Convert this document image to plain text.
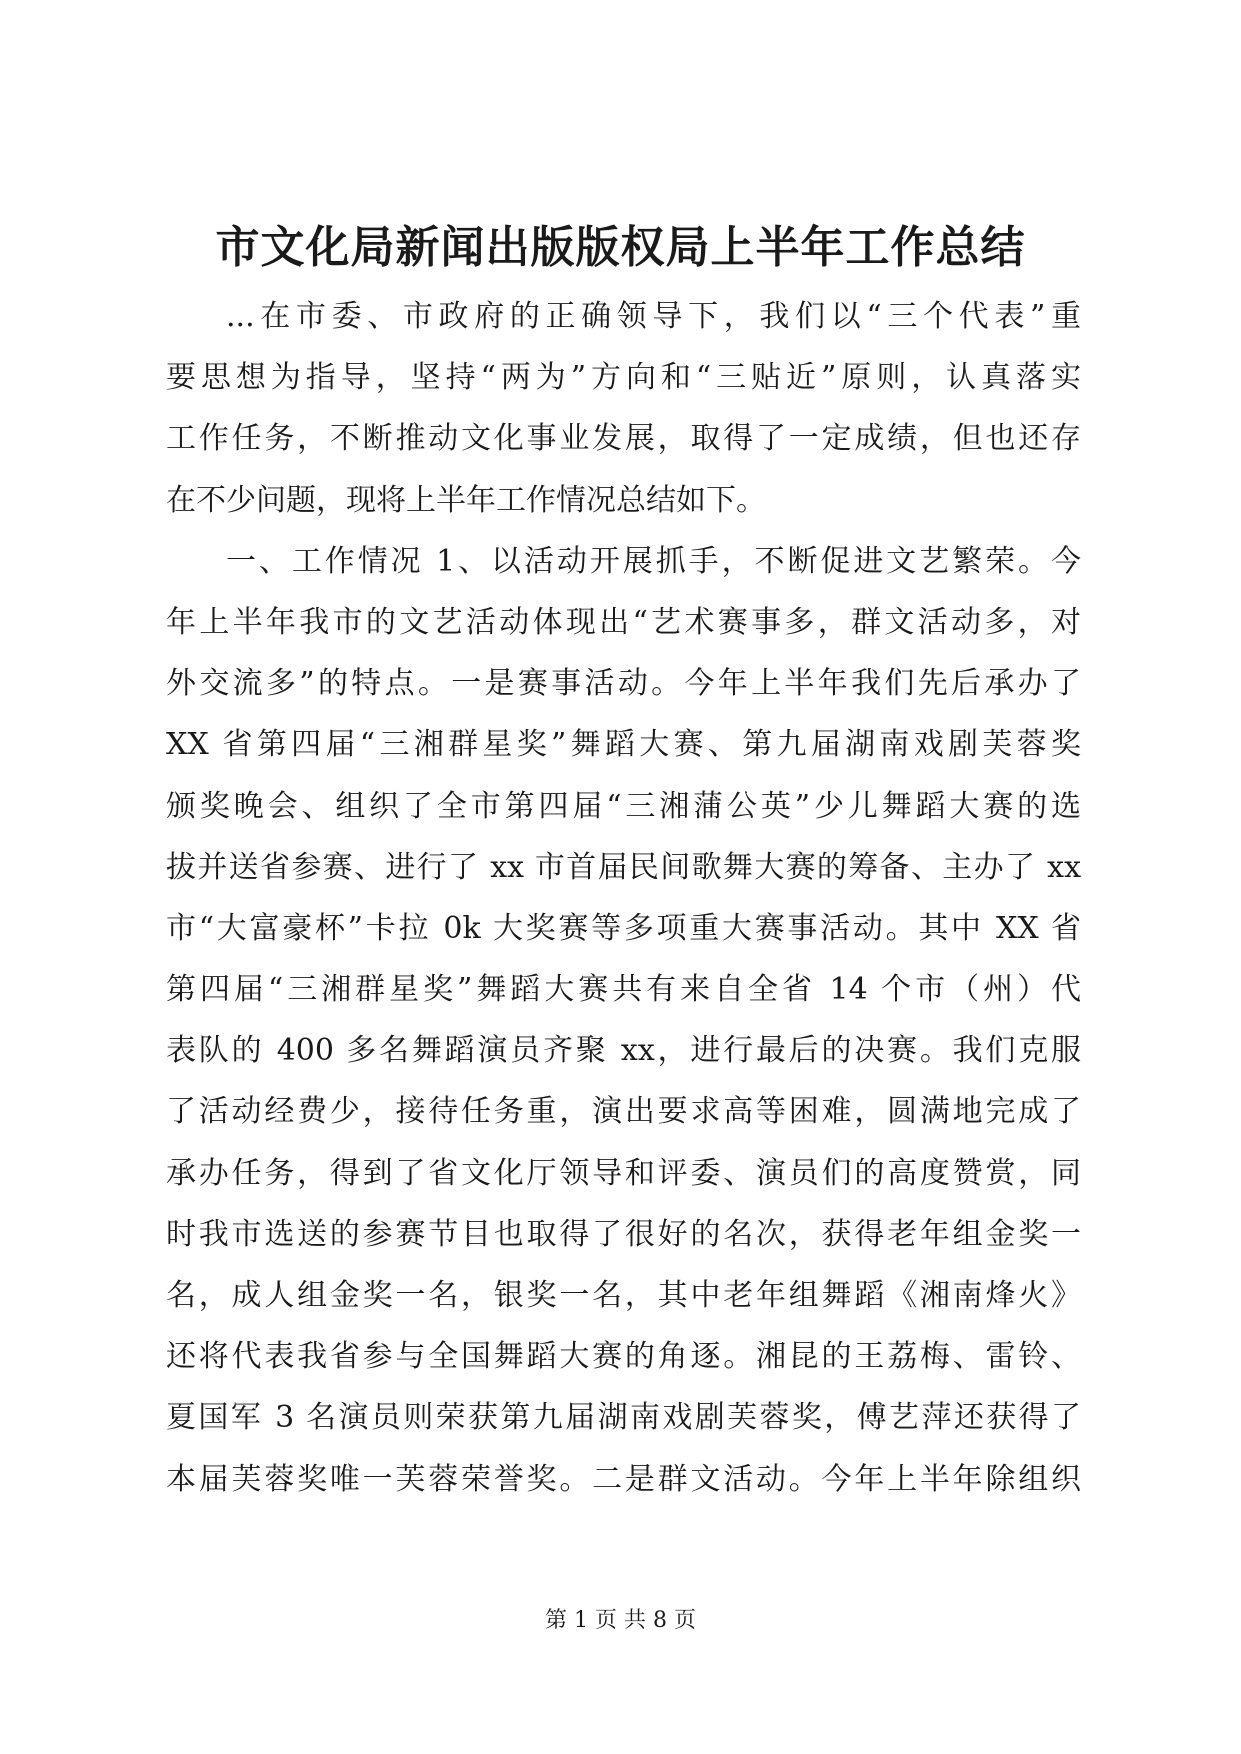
市文化局新闻出版版权局上半年工作总结
...在市委、市政府的正确领导下，我们以“三个代表”重
要思想为指导，坚持“两为”方向和“三贴近”原则，认真落实
工作任务，不断推动文化事业发展，取得了一定成绩，但也还存
在不少问题，现将上半年工作情况总结如下。
一、工作情况 1、以活动开展抓手，不断促进文艺繁荣。今
年上半年我市的文艺活动体现出“艺术赛事多，群文活动多，对
外交流多”的特点。一是赛事活动。今年上半年我们先后承办了
XX 省第四届“三湘群星奖”舞蹈大赛、第九届湖南戏剧芙蓉奖
颁奖晚会、组织了全市第四届“三湘蒲公英”少儿舞蹈大赛的选
拔并送省参赛、进行了 xx 市首届民间歌舞大赛的筹备、主办了 xx
市“大富豪杯”卡拉 0k 大奖赛等多项重大赛事活动。其中 XX 省
第四届“三湘群星奖”舞蹈大赛共有来自全省 14 个市（州）代
表队的 400 多名舞蹈演员齐聚 xx，进行最后的决赛。我们克服
了活动经费少，接待任务重，演出要求高等困难，圆满地完成了
承办任务，得到了省文化厅领导和评委、演员们的高度赞赏，同
时我市选送的参赛节目也取得了很好的名次，获得老年组金奖一
名，成人组金奖一名，银奖一名，其中老年组舞蹈《湘南烽火》
还将代表我省参与全国舞蹈大赛的角逐。湘昆的王荔梅、雷铃、
夏国军 3 名演员则荣获第九届湖南戏剧芙蓉奖，傅艺萍还获得了
本届芙蓉奖唯一芙蓉荣誉奖。二是群文活动。今年上半年除组织
第 1 页 共 8 页
